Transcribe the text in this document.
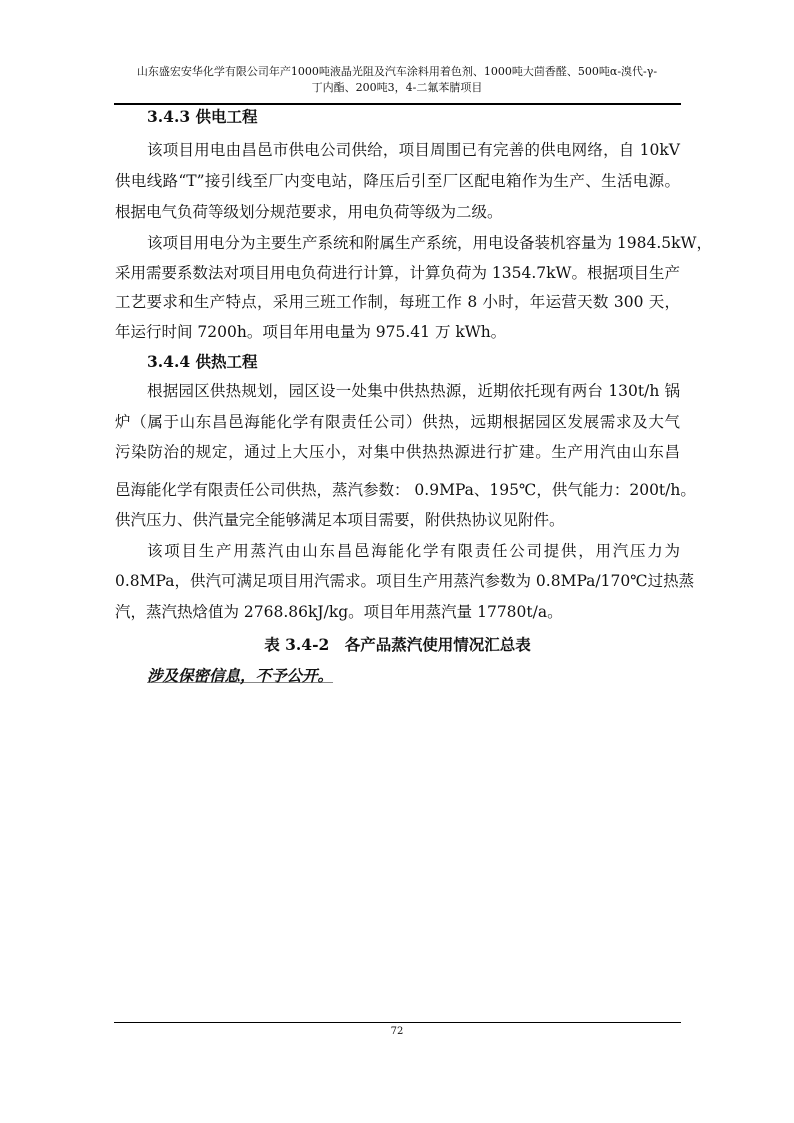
山东盛宏安华化学有限公司年产1000吨液晶光阻及汽车涂料用着色剂、1000吨大茴香醛、500吨α-溴代-γ-
丁内酯、200吨3，4-二氟苯腈项目
3.4.3 供电工程
该项目用电由昌邑市供电公司供给，项目周围已有完善的供电网络，自 10kV
供电线路“T”接引线至厂内变电站，降压后引至厂区配电箱作为生产、生活电源。
根据电气负荷等级划分规范要求，用电负荷等级为二级。
该项目用电分为主要生产系统和附属生产系统，用电设备装机容量为 1984.5kW，
采用需要系数法对项目用电负荷进行计算，计算负荷为 1354.7kW。根据项目生产
工艺要求和生产特点，采用三班工作制，每班工作 8 小时，年运营天数 300 天，
年运行时间 7200h。项目年用电量为 975.41 万 kWh。
3.4.4 供热工程
根据园区供热规划，园区设一处集中供热热源，近期依托现有两台 130t/h 锅
炉（属于山东昌邑海能化学有限责任公司）供热，远期根据园区发展需求及大气
污染防治的规定，通过上大压小，对集中供热热源进行扩建。生产用汽由山东昌
邑海能化学有限责任公司供热，蒸汽参数： 0.9MPa、195℃，供气能力：200t/h。
供汽压力、供汽量完全能够满足本项目需要，附供热协议见附件。
该项目生产用蒸汽由山东昌邑海能化学有限责任公司提供，用汽压力为
0.8MPa，供汽可满足项目用汽需求。项目生产用蒸汽参数为 0.8MPa/170℃过热蒸
汽，蒸汽热焓值为 2768.86kJ/kg。项目年用蒸汽量 17780t/a。
表 3.4-2　各产品蒸汽使用情况汇总表
涉及保密信息，不予公开。
72
